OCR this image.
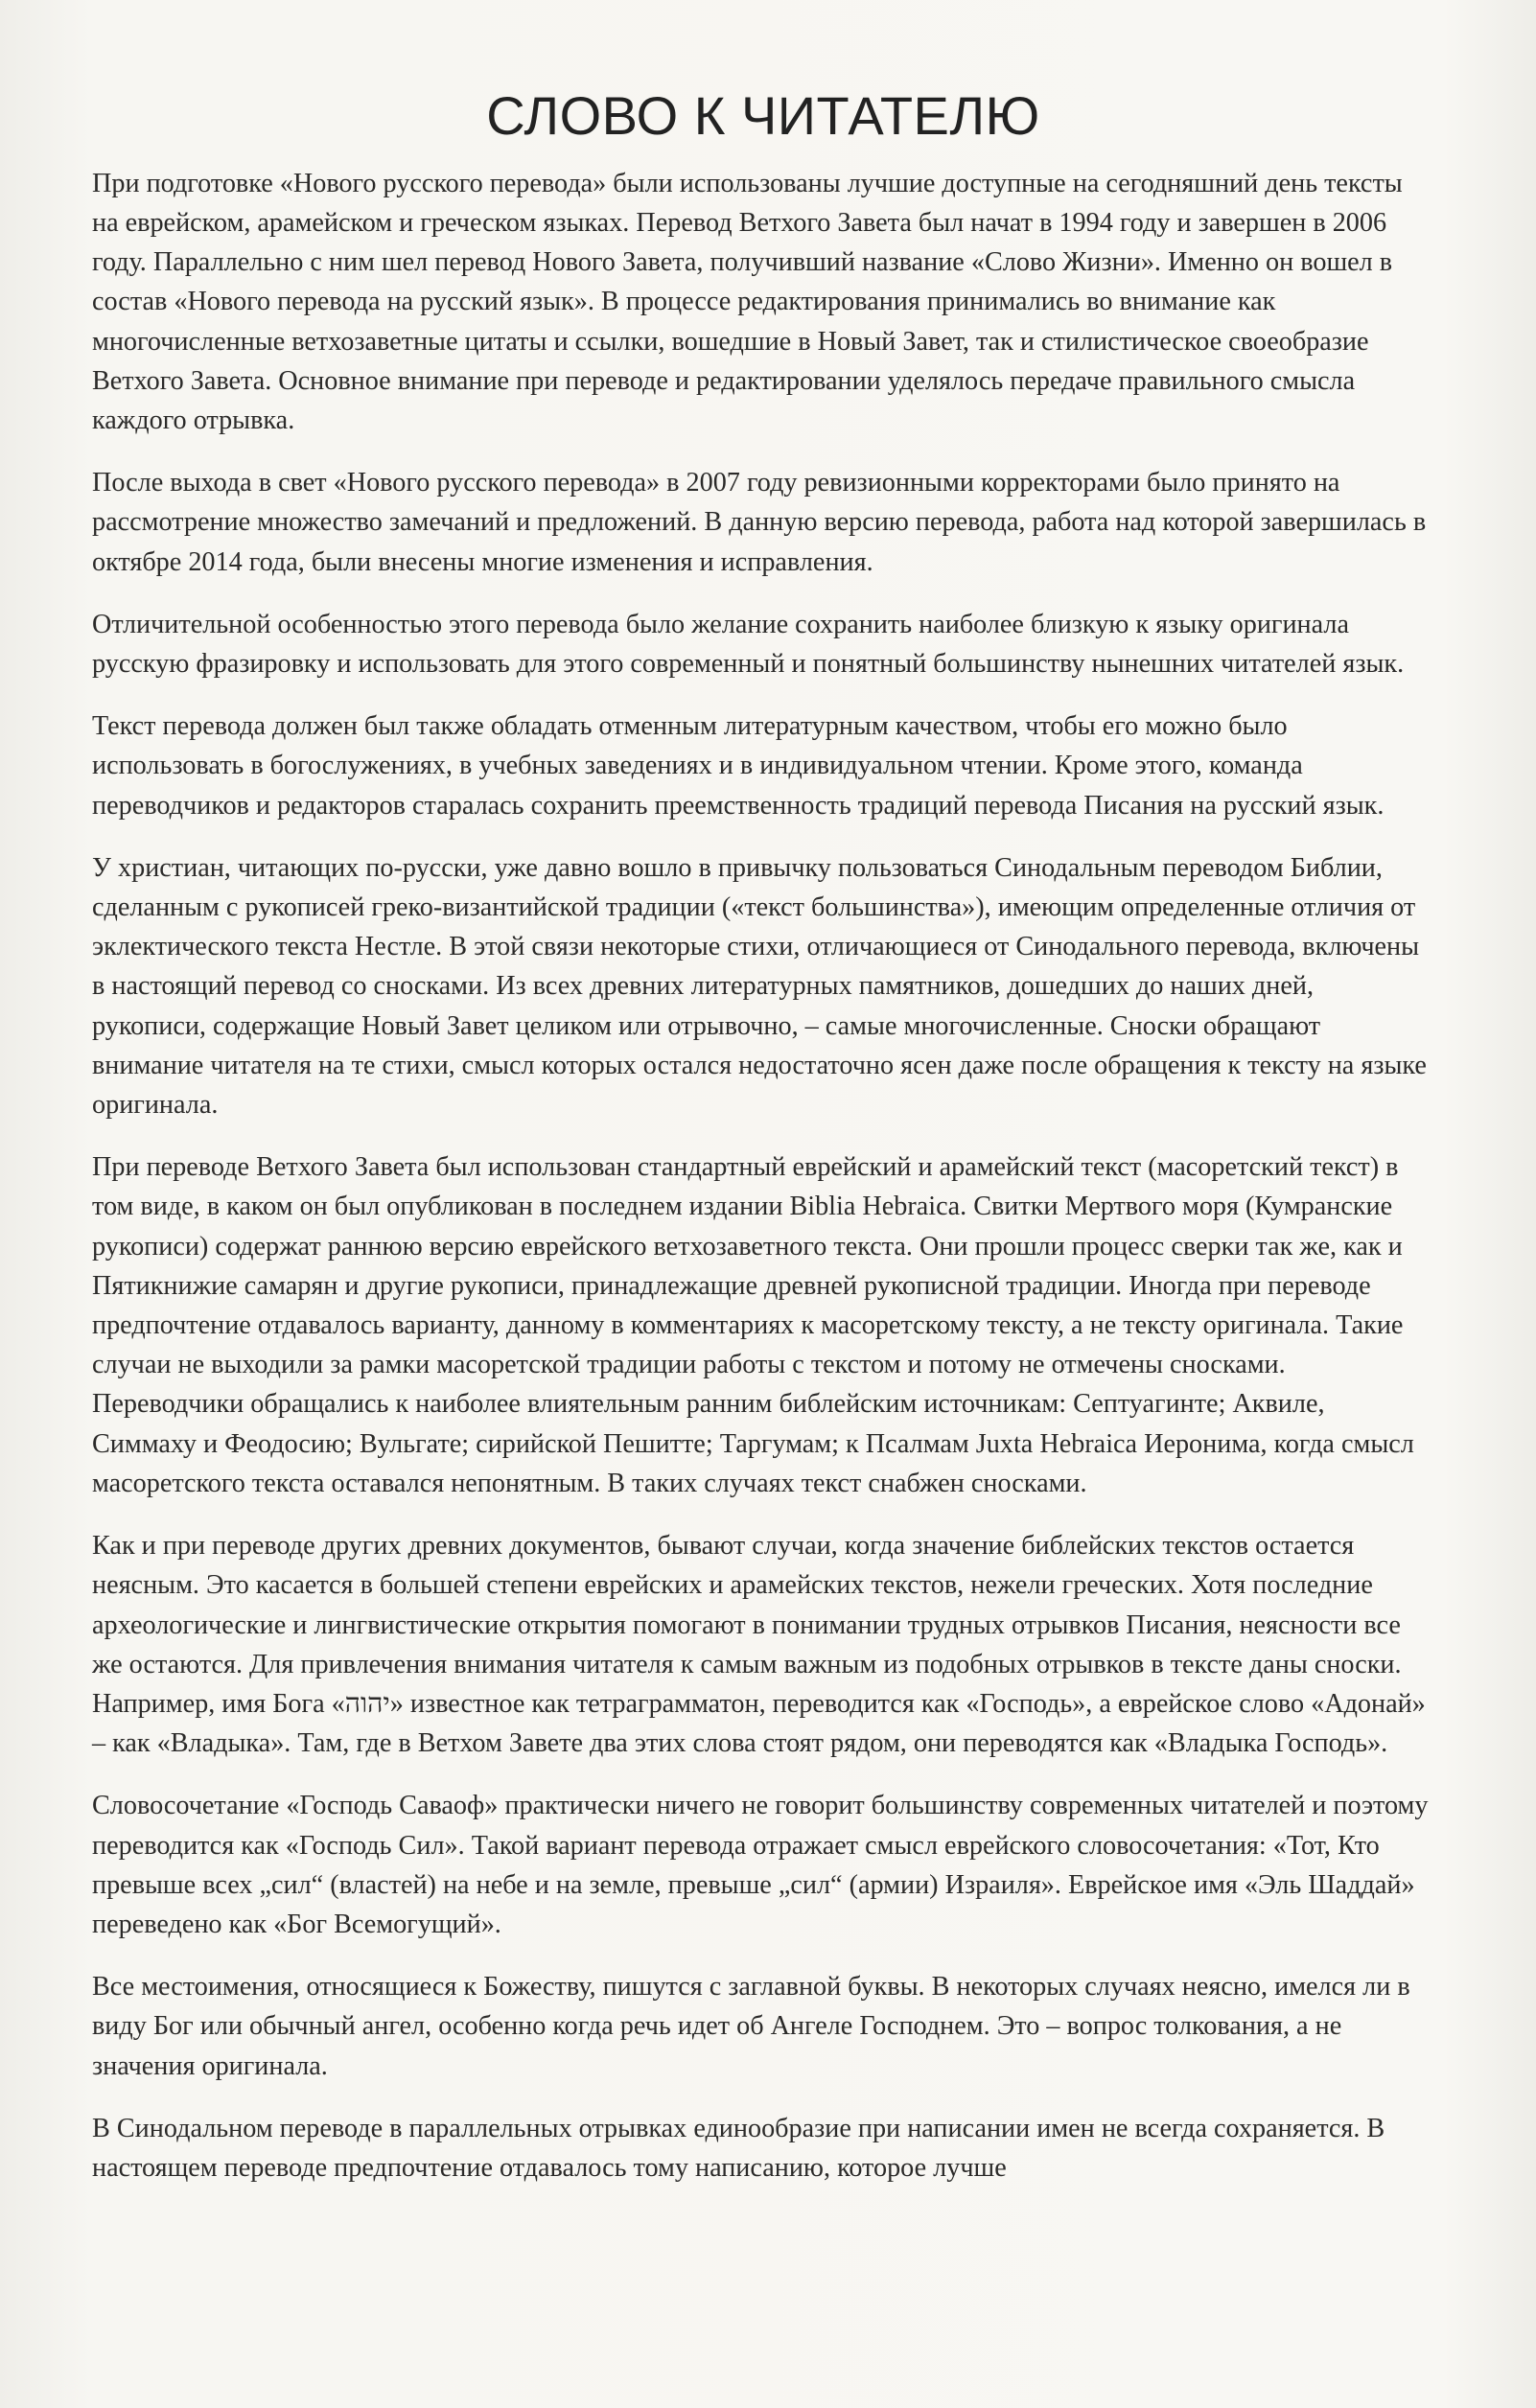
СЛОВО К ЧИТАТЕЛЮ

При подготовке «Нового русского перевода» были использованы лучшие доступные на сегодняшний день тексты на еврейском, арамейском и греческом языках. Перевод Ветхого Завета был начат в 1994 году и завершен в 2006 году. Параллельно с ним шел перевод Нового Завета, получивший название «Слово Жизни». Именно он вошел в состав «Нового перевода на русский язык». В процессе редактирования принимались во внимание как многочисленные ветхозаветные цитаты и ссылки, вошедшие в Новый Завет, так и стилистическое своеобразие Ветхого Завета. Основное внимание при переводе и редактировании уделялось передаче правильного смысла каждого отрывка.

После выхода в свет «Нового русского перевода» в 2007 году ревизионными корректорами было принято на рассмотрение множество замечаний и предложений. В данную версию перевода, работа над которой завершилась в октябре 2014 года, были внесены многие изменения и исправления.

Отличительной особенностью этого перевода было желание сохранить наиболее близкую к языку оригинала русскую фразировку и использовать для этого современный и понятный большинству нынешних читателей язык.

Текст перевода должен был также обладать отменным литературным качеством, чтобы его можно было использовать в богослужениях, в учебных заведениях и в индивидуальном чтении. Кроме этого, команда переводчиков и редакторов старалась сохранить преемственность традиций перевода Писания на русский язык.

У христиан, читающих по-русски, уже давно вошло в привычку пользоваться Синодальным переводом Библии, сделанным с рукописей греко-византийской традиции («текст большинства»), имеющим определенные отличия от эклектического текста Нестле. В этой связи некоторые стихи, отличающиеся от Синодального перевода, включены в настоящий перевод со сносками. Из всех древних литературных памятников, дошедших до наших дней, рукописи, содержащие Новый Завет целиком или отрывочно, – самые многочисленные. Сноски обращают внимание читателя на те стихи, смысл которых остался недостаточно ясен даже после обращения к тексту на языке оригинала.

При переводе Ветхого Завета был использован стандартный еврейский и арамейский текст (масоретский текст) в том виде, в каком он был опубликован в последнем издании Biblia Hebraica. Свитки Мертвого моря (Кумранские рукописи) содержат раннюю версию еврейского ветхозаветного текста. Они прошли процесс сверки так же, как и Пятикнижие самарян и другие рукописи, принадлежащие древней рукописной традиции. Иногда при переводе предпочтение отдавалось варианту, данному в комментариях к масоретскому тексту, а не тексту оригинала. Такие случаи не выходили за рамки масоретской традиции работы с текстом и потому не отмечены сносками. Переводчики обращались к наиболее влиятельным ранним библейским источникам: Септуагинте; Аквиле, Симмаху и Феодосию; Вульгате; сирийской Пешитте; Таргумам; к Псалмам Juxta Hebraica Иеронима, когда смысл масоретского текста оставался непонятным. В таких случаях текст снабжен сносками.

Как и при переводе других древних документов, бывают случаи, когда значение библейских текстов остается неясным. Это касается в большей степени еврейских и арамейских текстов, нежели греческих. Хотя последние археологические и лингвистические открытия помогают в понимании трудных отрывков Писания, неясности все же остаются. Для привлечения внимания читателя к самым важным из подобных отрывков в тексте даны сноски. Например, имя Бога «יהוה» известное как тетраграмматон, переводится как «Господь», а еврейское слово «Адонай» – как «Владыка». Там, где в Ветхом Завете два этих слова стоят рядом, они переводятся как «Владыка Господь».

Словосочетание «Господь Саваоф» практически ничего не говорит большинству современных читателей и поэтому переводится как «Господь Сил». Такой вариант перевода отражает смысл еврейского словосочетания: «Тот, Кто превыше всех „сил“ (властей) на небе и на земле, превыше „сил“ (армии) Израиля». Еврейское имя «Эль Шаддай» переведено как «Бог Всемогущий».

Все местоимения, относящиеся к Божеству, пишутся с заглавной буквы. В некоторых случаях неясно, имелся ли в виду Бог или обычный ангел, особенно когда речь идет об Ангеле Господнем. Это – вопрос толкования, а не значения оригинала.

В Синодальном переводе в параллельных отрывках единообразие при написании имен не всегда сохраняется. В настоящем переводе предпочтение отдавалось тому написанию, которое лучше
